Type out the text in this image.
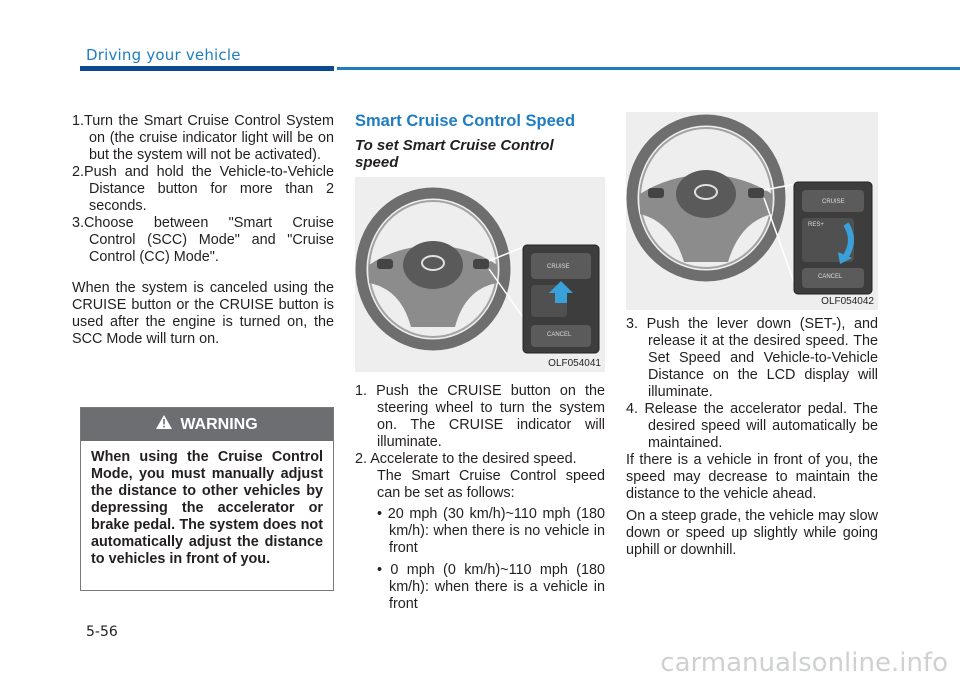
Driving your vehicle

1.Turn the Smart Cruise Control System on (the cruise indicator light will be on but the system will not be activated).

2.Push and hold the Vehicle-to-Vehicle Distance button for more than 2 seconds.

3.Choose between "Smart Cruise Control (SCC) Mode" and "Cruise Control (CC) Mode".

When the system is canceled using the CRUISE button or the CRUISE button is used after the engine is turned on, the SCC Mode will turn on.

WARNING
When using the Cruise Control Mode, you must manually adjust the distance to other vehicles by depressing the accelerator or brake pedal. The system does not automatically adjust the distance to vehicles in front of you.
Smart Cruise Control Speed
To set Smart Cruise Control speed
CRUISE
CANCEL
OLF054041

1. Push the CRUISE button on the steering wheel to turn the system on. The CRUISE indicator will illuminate.

2. Accelerate to the desired speed.

The Smart Cruise Control speed can be set as follows:

• 20 mph (30 km/h)~110 mph (180 km/h): when there is no vehicle in front
• 0 mph (0 km/h)~110 mph (180 km/h): when there is a vehicle in front
CRUISE
RES+
CANCEL
OLF054042

3. Push the lever down (SET-), and release it at the desired speed. The Set Speed and Vehicle-to-Vehicle Distance on the LCD display will illuminate.

4. Release the accelerator pedal. The desired speed will automatically be maintained.

If there is a vehicle in front of you, the speed may decrease to maintain the distance to the vehicle ahead.

On a steep grade, the vehicle may slow down or speed up slightly while going uphill or downhill.

5-56
carmanualsonline.info
